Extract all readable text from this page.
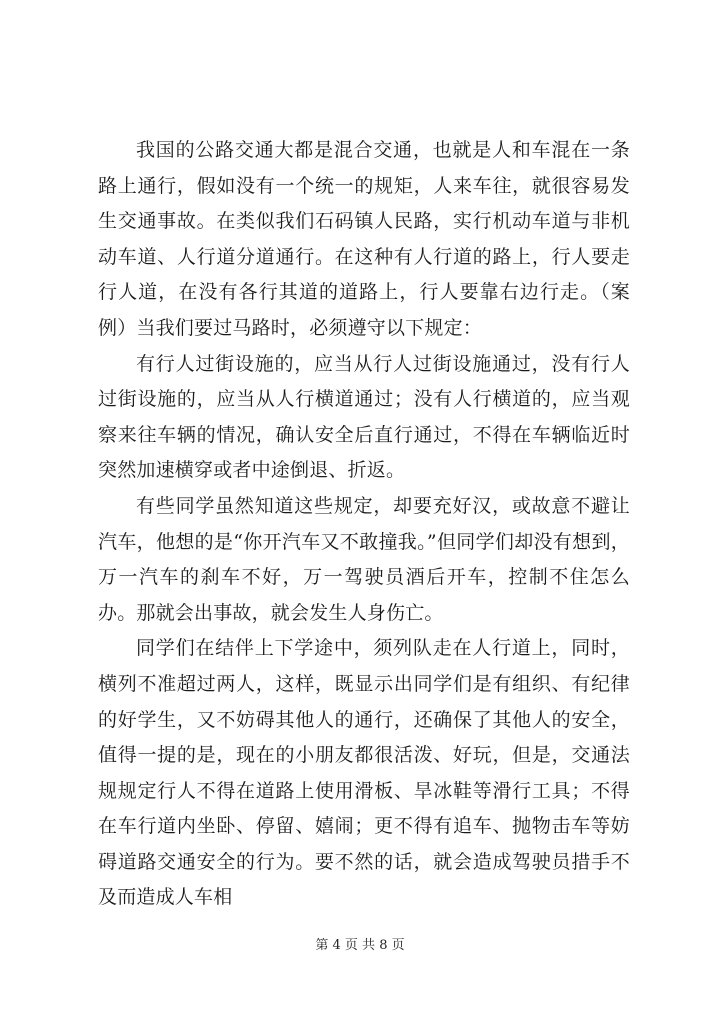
我国的公路交通大都是混合交通，也就是人和车混在一条路上通行，假如没有一个统一的规矩，人来车往，就很容易发生交通事故。在类似我们石码镇人民路，实行机动车道与非机动车道、人行道分道通行。在这种有人行道的路上，行人要走行人道，在没有各行其道的道路上，行人要靠右边行走。（案例）当我们要过马路时，必须遵守以下规定：

有行人过街设施的，应当从行人过街设施通过，没有行人过街设施的，应当从人行横道通过；没有人行横道的，应当观察来往车辆的情况，确认安全后直行通过，不得在车辆临近时突然加速横穿或者中途倒退、折返。

有些同学虽然知道这些规定，却要充好汉，或故意不避让汽车，他想的是“你开汽车又不敢撞我。”但同学们却没有想到，万一汽车的刹车不好，万一驾驶员酒后开车，控制不住怎么办。那就会出事故，就会发生人身伤亡。

同学们在结伴上下学途中，须列队走在人行道上，同时，横列不准超过两人，这样，既显示出同学们是有组织、有纪律的好学生，又不妨碍其他人的通行，还确保了其他人的安全，值得一提的是，现在的小朋友都很活泼、好玩，但是，交通法规规定行人不得在道路上使用滑板、旱冰鞋等滑行工具；不得在车行道内坐卧、停留、嬉闹；更不得有追车、抛物击车等妨碍道路交通安全的行为。要不然的话，就会造成驾驶员措手不及而造成人车相

第 4 页 共 8 页
